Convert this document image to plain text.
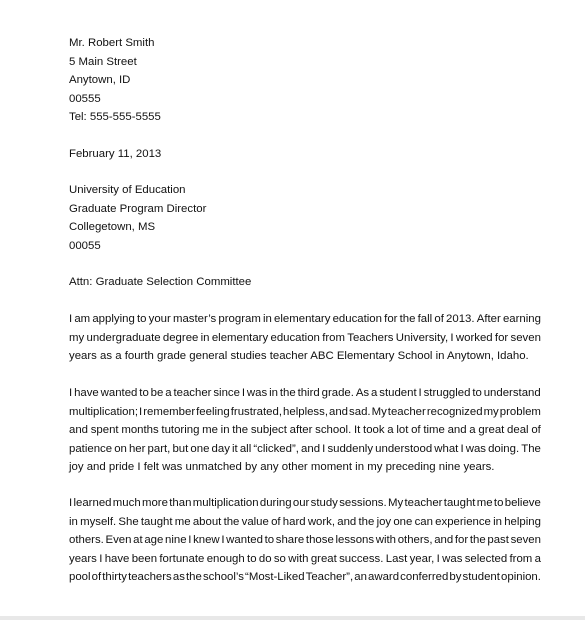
Mr. Robert Smith
5 Main Street
Anytown, ID
00555
Tel: 555-555-5555
February 11, 2013
University of Education
Graduate Program Director
Collegetown, MS
00055
Attn: Graduate Selection Committee
I am applying to your master’s program in elementary education for the fall of 2013. After earning
my undergraduate degree in elementary education from Teachers University, I worked for seven
years as a fourth grade general studies teacher ABC Elementary School in Anytown, Idaho.
I have wanted to be a teacher since I was in the third grade. As a student I struggled to understand
multiplication; I remember feeling frustrated, helpless, and sad. My teacher recognized my problem
and spent months tutoring me in the subject after school. It took a lot of time and a great deal of
patience on her part, but one day it all “clicked”, and I suddenly understood what I was doing. The
joy and pride I felt was unmatched by any other moment in my preceding nine years.
I learned much more than multiplication during our study sessions. My teacher taught me to believe
in myself. She taught me about the value of hard work, and the joy one can experience in helping
others. Even at age nine I knew I wanted to share those lessons with others, and for the past seven
years I have been fortunate enough to do so with great success. Last year, I was selected from a
pool of thirty teachers as the school’s “Most-Liked Teacher”, an award conferred by student opinion.
